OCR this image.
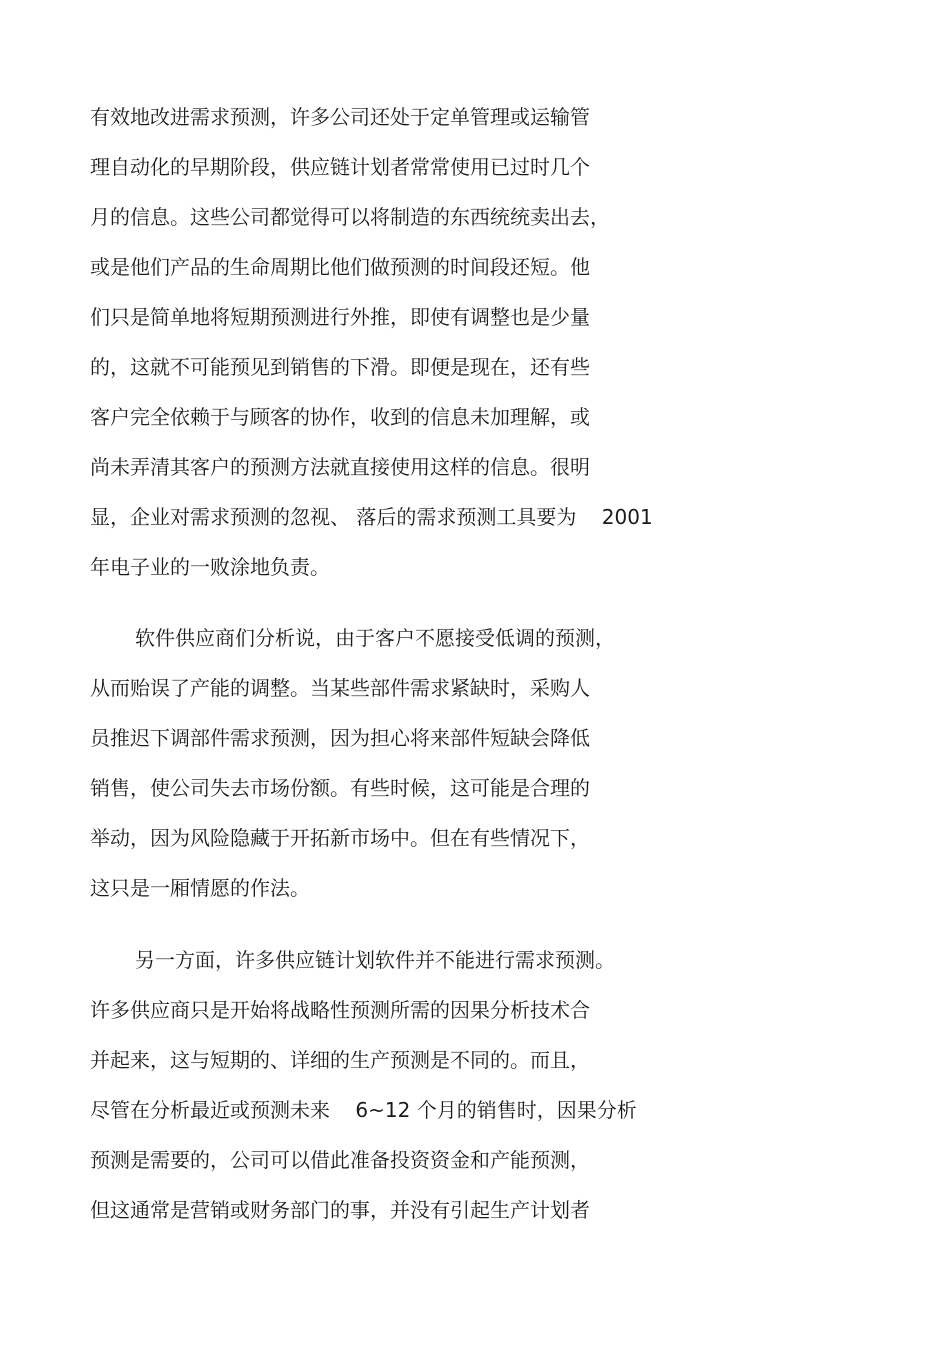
有效地改进需求预测，许多公司还处于定单管理或运输管
理自动化的早期阶段，供应链计划者常常使用已过时几个
月的信息。这些公司都觉得可以将制造的东西统统卖出去，
或是他们产品的生命周期比他们做预测的时间段还短。他
们只是简单地将短期预测进行外推，即使有调整也是少量
的，这就不可能预见到销售的下滑。即便是现在，还有些
客户完全依赖于与顾客的协作，收到的信息未加理解，或
尚未弄清其客户的预测方法就直接使用这样的信息。很明
显，企业对需求预测的忽视、 落后的需求预测工具要为    2001
年电子业的一败涂地负责。
软件供应商们分析说，由于客户不愿接受低调的预测，
从而贻误了产能的调整。当某些部件需求紧缺时，采购人
员推迟下调部件需求预测，因为担心将来部件短缺会降低
销售，使公司失去市场份额。有些时候，这可能是合理的
举动，因为风险隐藏于开拓新市场中。但在有些情况下，
这只是一厢情愿的作法。
另一方面，许多供应链计划软件并不能进行需求预测。
许多供应商只是开始将战略性预测所需的因果分析技术合
并起来，这与短期的、详细的生产预测是不同的。而且，
尽管在分析最近或预测未来    6~12 个月的销售时，因果分析
预测是需要的，公司可以借此准备投资资金和产能预测，
但这通常是营销或财务部门的事，并没有引起生产计划者
